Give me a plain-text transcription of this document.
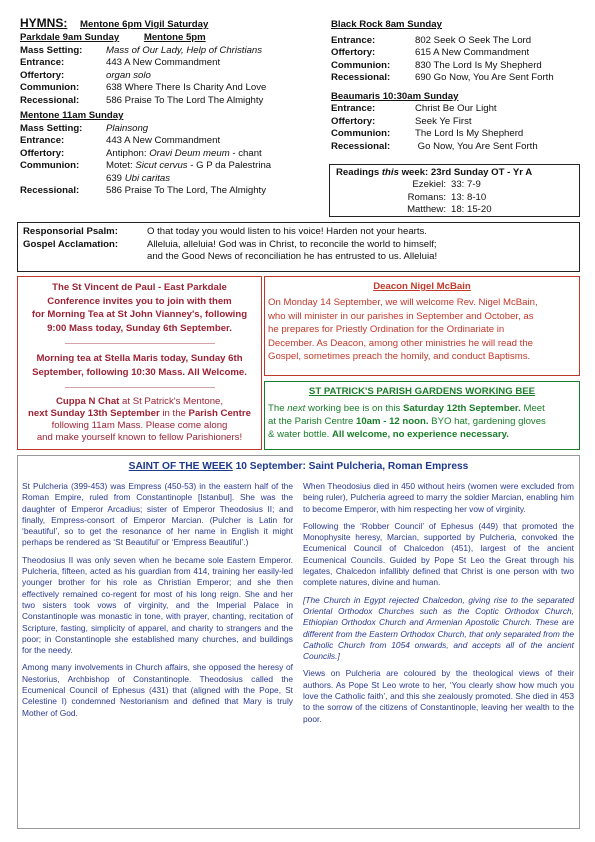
HYMNS: Mentone 6pm Vigil Saturday
Parkdale 9am Sunday	Mentone 5pm
Mass Setting: Mass of Our Lady, Help of Christians
Entrance:	443 A New Commandment
Offertory:	organ solo
Communion:	638 Where There Is Charity And Love
Recessional:	586 Praise To The Lord The Almighty
Mentone 11am Sunday
Mass Setting: Plainsong
Entrance:	443 A New Commandment
Offertory:	Antiphon: Oravi Deum meum - chant
Communion:	Motet: Sicut cervus - G P da Palestrina
639 Ubi caritas
Recessional:	586 Praise To The Lord, The Almighty
Black Rock 8am Sunday
Entrance:	802 Seek O Seek The Lord
Offertory:	615 A New Commandment
Communion:	830 The Lord Is My Shepherd
Recessional:	690 Go Now, You Are Sent Forth
Beaumaris 10:30am Sunday
Entrance:	Christ Be Our Light
Offertory:	Seek Ye First
Communion:	The Lord Is My Shepherd
Recessional:	Go Now, You Are Sent Forth
Readings this week: 23rd Sunday OT - Yr A
Ezekiel: 33: 7-9
Romans: 13: 8-10
Matthew: 18: 15-20
Responsorial Psalm:	O that today you would listen to his voice! Harden not your hearts.
Gospel Acclamation:	Alleluia, alleluia! God was in Christ, to reconcile the world to himself;
and the Good News of reconciliation he has entrusted to us. Alleluia!
The St Vincent de Paul - East Parkdale
Conference invites you to join with them
for Morning Tea at St John Vianney's, following
9:00 Mass today, Sunday 6th September.
Morning tea at Stella Maris today, Sunday 6th
September, following 10:30 Mass. All Welcome.
Cuppa N Chat at St Patrick's Mentone,
next Sunday 13th September in the Parish Centre
following 11am Mass. Please come along
and make yourself known to fellow Parishioners!
Deacon Nigel McBain
On Monday 14 September, we will welcome Rev. Nigel McBain,
who will minister in our parishes in September and October, as
he prepares for Priestly Ordination for the Ordinariate in
December. As Deacon, among other ministries he will read the
Gospel, sometimes preach the homily, and conduct Baptisms.
ST PATRICK'S PARISH GARDENS WORKING BEE
The next working bee is on this Saturday 12th September. Meet
at the Parish Centre 10am - 12 noon. BYO hat, gardening gloves
& water bottle. All welcome, no experience necessary.
SAINT OF THE WEEK 10 September: Saint Pulcheria, Roman Empress

St Pulcheria (399-453) was Empress (450-53) in the eastern half of the Roman Empire, ruled from Constantinople [Istanbul]. She was the daughter of Emperor Arcadius; sister of Emperor Theodosius II; and finally, Empress-consort of Emperor Marcian. (Pulcher is Latin for ‘beautiful’, so to get the resonance of her name in English it might perhaps be rendered as ‘St Beautiful’ or ‘Empress Beautiful’.)

Theodosius II was only seven when he became sole Eastern Emperor. Pulcheria, fifteen, acted as his guardian from 414, training her easily-led younger brother for his role as Christian Emperor; and she then effectively remained co-regent for most of his long reign. She and her two sisters took vows of virginity, and the Imperial Palace in Constantinople was monastic in tone, with prayer, chanting, recitation of Scripture, fasting, simplicity of apparel, and charity to strangers and the poor; in Constantinople she established many churches, and buildings for the needy.

Among many involvements in Church affairs, she opposed the heresy of Nestorius, Archbishop of Constantinople. Theodosius called the Ecumenical Council of Ephesus (431) that (aligned with the Pope, St Celestine I) condemned Nestorianism and defined that Mary is truly Mother of God.

When Theodosius died in 450 without heirs (women were excluded from being ruler), Pulcheria agreed to marry the soldier Marcian, enabling him to become Emperor, with him respecting her vow of virginity.

Following the ‘Robber Council’ of Ephesus (449) that promoted the Monophysite heresy, Marcian, supported by Pulcheria, convoked the Ecumenical Council of Chalcedon (451), largest of the ancient Ecumenical Councils. Guided by Pope St Leo the Great through his legates, Chalcedon infallibly defined that Christ is one person with two complete natures, divine and human.

[The Church in Egypt rejected Chalcedon, giving rise to the separated Oriental Orthodox Churches such as the Coptic Orthodox Church, Ethiopian Orthodox Church and Armenian Apostolic Church. These are different from the Eastern Orthodox Church, that only separated from the Catholic Church from 1054 onwards, and accepts all of the ancient Councils.]

Views on Pulcheria are coloured by the theological views of their authors. As Pope St Leo wrote to her, ‘You clearly show how much you love the Catholic faith’, and this she zealously promoted. She died in 453 to the sorrow of the citizens of Constantinople, leaving her wealth to the poor.
